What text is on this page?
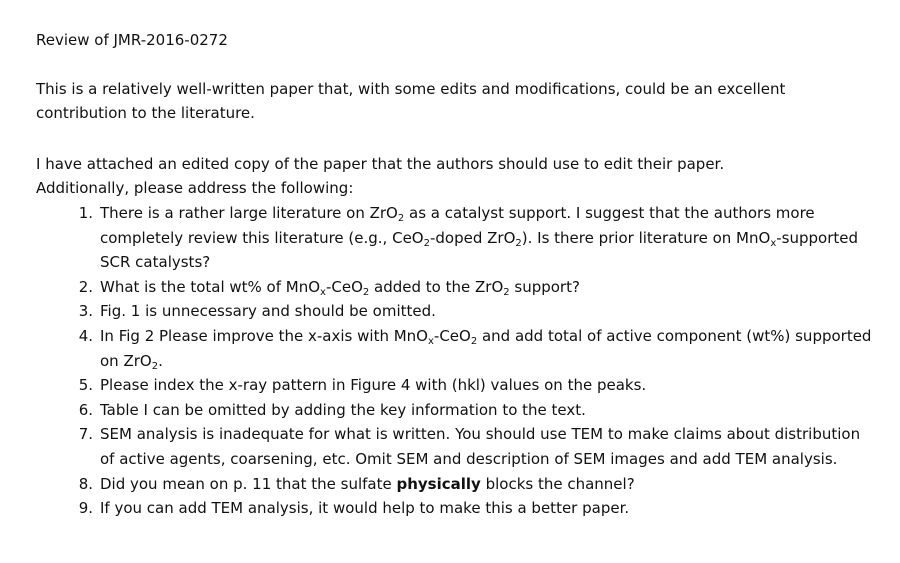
Review of JMR-2016-0272

This is a relatively well-written paper that, with some edits and modifications, could be an excellent contribution to the literature.

I have attached an edited copy of the paper that the authors should use to edit their paper.
Additionally, please address the following:
1. There is a rather large literature on ZrO$_2$ as a catalyst support. I suggest that the authors more completely review this literature (e.g., CeO$_2$-doped ZrO$_2$). Is there prior literature on MnO$_x$-supported SCR catalysts?
2. What is the total wt% of MnO$_x$-CeO$_2$ added to the ZrO$_2$ support?
3. Fig. 1 is unnecessary and should be omitted.
4. In Fig 2 Please improve the x-axis with MnO$_x$-CeO$_2$ and add total of active component (wt%) supported on ZrO$_2$.
5. Please index the x-ray pattern in Figure 4 with (hkl) values on the peaks.
6. Table I can be omitted by adding the key information to the text.
7. SEM analysis is inadequate for what is written. You should use TEM to make claims about distribution of active agents, coarsening, etc. Omit SEM and description of SEM images and add TEM analysis.
8. Did you mean on p. 11 that the sulfate physically blocks the channel?
9. If you can add TEM analysis, it would help to make this a better paper.
